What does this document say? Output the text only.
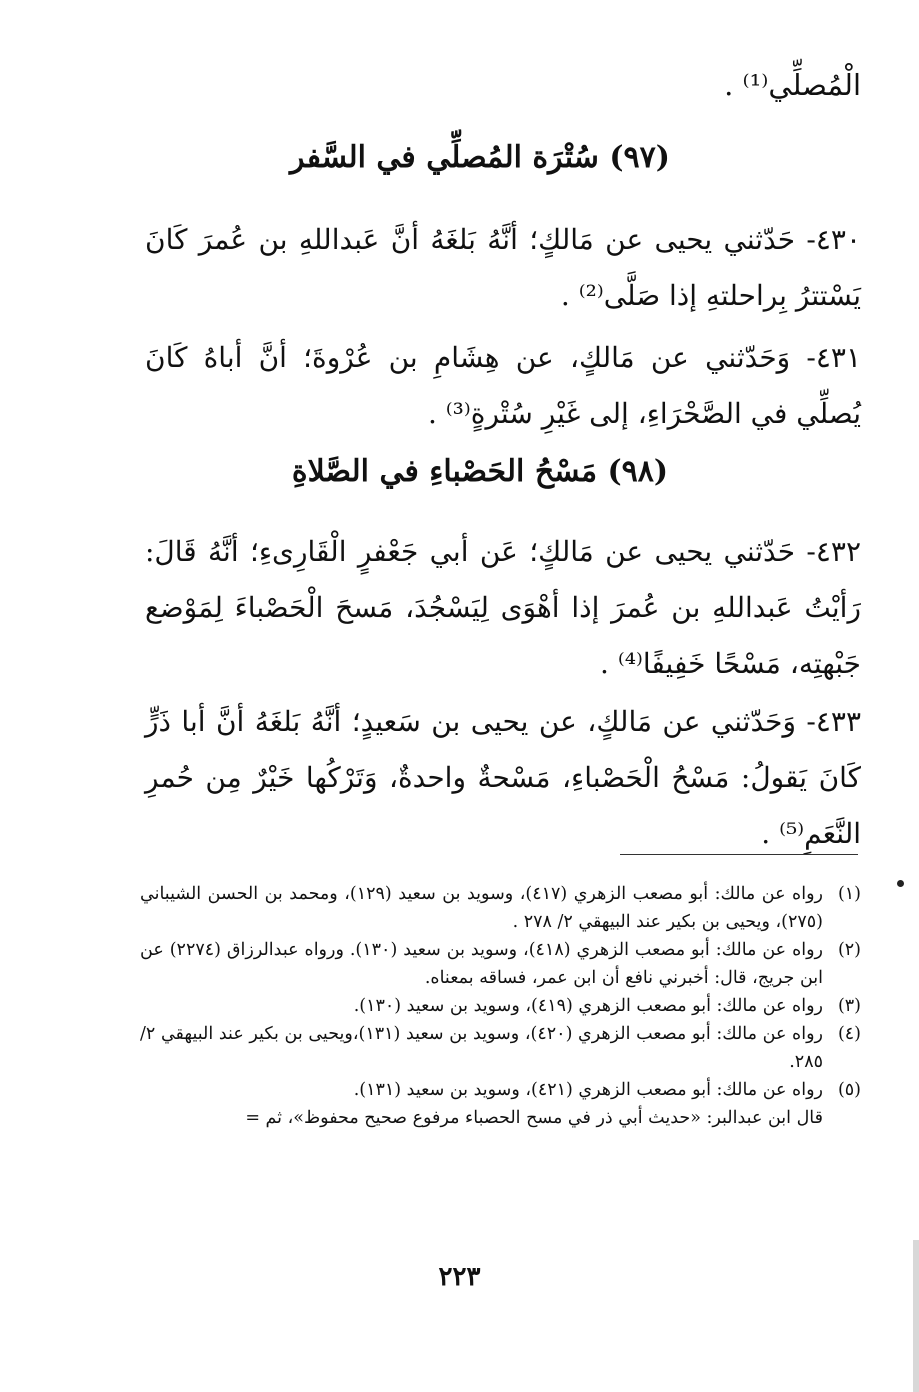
الْمُصلِّي⁽¹⁾ .
(٩٧) سُتْرَة المُصلِّي في السَّفر
٤٣٠- حَدّثني يحيى عن مَالكٍ؛ أنَّهُ بَلغَهُ أنَّ عَبداللهِ بن عُمرَ كَانَ يَسْتترُ بِراحلتهِ إذا صَلَّى⁽²⁾ .
٤٣١- وَحَدّثني عن مَالكٍ، عن هِشَامِ بن عُرْوةَ؛ أنَّ أباهُ كَانَ يُصلِّي في الصَّحْرَاءِ، إلى غَيْرِ سُتْرةٍ⁽³⁾ .
(٩٨) مَسْحُ الحَصْباءِ في الصَّلاةِ
٤٣٢- حَدّثني يحيى عن مَالكٍ؛ عَن أبي جَعْفرٍ الْقَارِىءِ؛ أنَّهُ قَالَ: رَأيْتُ عَبداللهِ بن عُمرَ إذا أهْوَى لِيَسْجُدَ، مَسحَ الْحَصْباءَ لِمَوْضع جَبْهتِه، مَسْحًا خَفِيفًا⁽⁴⁾ .
٤٣٣- وَحَدّثني عن مَالكٍ، عن يحيى بن سَعيدٍ؛ أنَّهُ بَلغَهُ أنَّ أبا ذَرٍّ كَانَ يَقولُ: مَسْحُ الْحَصْباءِ، مَسْحةٌ واحدةٌ، وَتَرْكُها خَيْرٌ مِن حُمرِ النَّعَمِ⁽⁵⁾ .
(١)
رواه عن مالك: أبو مصعب الزهري (٤١٧)، وسويد بن سعيد (١٢٩)، ومحمد بن الحسن الشيباني (٢٧٥)، ويحيى بن بكير عند البيهقي ٢/ ٢٧٨ .
(٢)
رواه عن مالك: أبو مصعب الزهري (٤١٨)، وسويد بن سعيد (١٣٠). ورواه عبدالرزاق (٢٢٧٤) عن ابن جريج، قال: أخبرني نافع أن ابن عمر، فساقه بمعناه.
(٣)
رواه عن مالك: أبو مصعب الزهري (٤١٩)، وسويد بن سعيد (١٣٠).
(٤)
رواه عن مالك: أبو مصعب الزهري (٤٢٠)، وسويد بن سعيد (١٣١)،ويحيى بن بكير عند البيهقي ٢/ ٢٨٥.
(٥)
رواه عن مالك: أبو مصعب الزهري (٤٢١)، وسويد بن سعيد (١٣١).
قال ابن عبدالبر: «حديث أبي ذر في مسح الحصباء مرفوع صحيح محفوظ»، ثم =
٢٢٣
